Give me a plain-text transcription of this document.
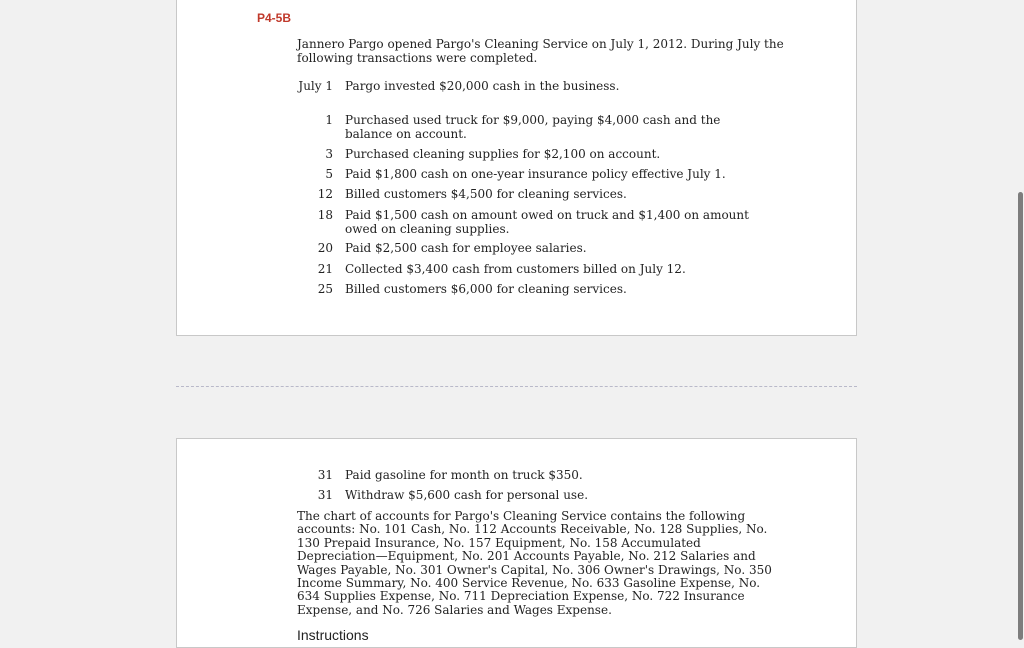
P4-5B
Jannero Pargo opened Pargo's Cleaning Service on July 1, 2012. During July the following transactions were completed.
July 1 Pargo invested $20,000 cash in the business.
1 Purchased used truck for $9,000, paying $4,000 cash and the balance on account.
3 Purchased cleaning supplies for $2,100 on account.
5 Paid $1,800 cash on one-year insurance policy effective July 1.
12 Billed customers $4,500 for cleaning services.
18 Paid $1,500 cash on amount owed on truck and $1,400 on amount owed on cleaning supplies.
20 Paid $2,500 cash for employee salaries.
21 Collected $3,400 cash from customers billed on July 12.
25 Billed customers $6,000 for cleaning services.
31 Paid gasoline for month on truck $350.
31 Withdraw $5,600 cash for personal use.
The chart of accounts for Pargo's Cleaning Service contains the following accounts: No. 101 Cash, No. 112 Accounts Receivable, No. 128 Supplies, No. 130 Prepaid Insurance, No. 157 Equipment, No. 158 Accumulated Depreciation—Equipment, No. 201 Accounts Payable, No. 212 Salaries and Wages Payable, No. 301 Owner's Capital, No. 306 Owner's Drawings, No. 350 Income Summary, No. 400 Service Revenue, No. 633 Gasoline Expense, No. 634 Supplies Expense, No. 711 Depreciation Expense, No. 722 Insurance Expense, and No. 726 Salaries and Wages Expense.
Instructions
